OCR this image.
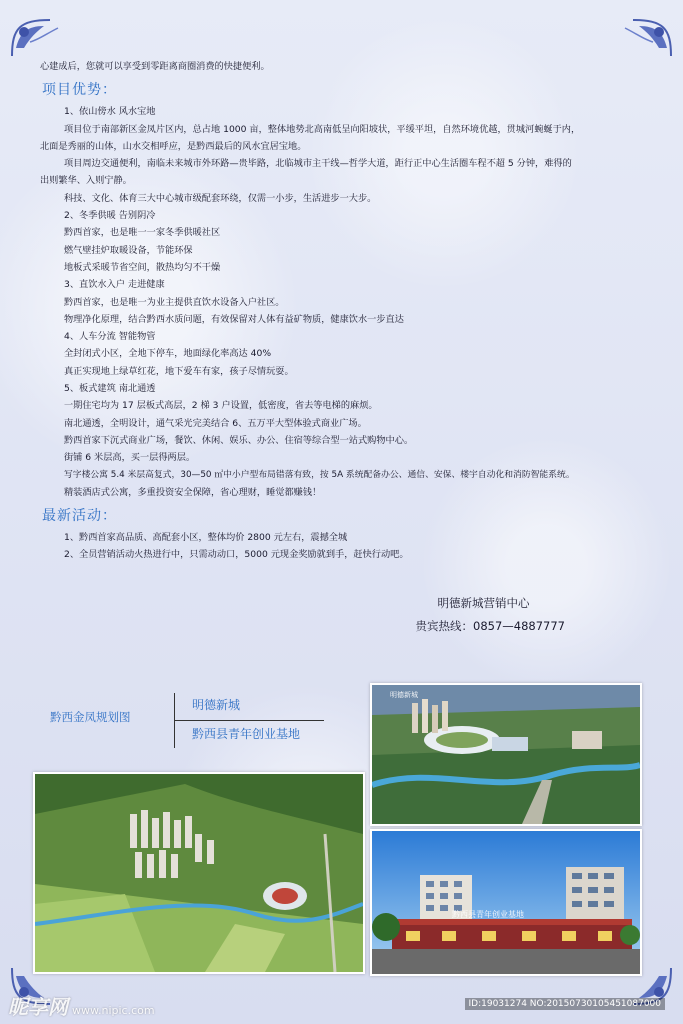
心建成后，您就可以享受到零距离商圈消费的快捷便利。

项目优势：

1、依山傍水 风水宝地

项目位于南部新区金凤片区内，总占地 1000 亩，整体地势北高南低呈向阳坡状，平缓平坦，自然环境优越，贯城河蜿蜒于内，

北面是秀丽的山体，山水交相呼应，是黔西最后的风水宜居宝地。

项目周边交通便利，南临未来城市外环路—贵毕路，北临城市主干线—哲学大道，距行正中心生活圈车程不超 5 分钟，难得的

出则繁华、入则宁静。

科技、文化、体育三大中心城市级配套环绕，仅需一小步，生活进步一大步。

2、冬季供暖 告别阴冷

黔西首家，也是唯一一家冬季供暖社区

燃气壁挂炉取暖设备，节能环保

地板式采暖节省空间，散热均匀不干燥

3、直饮水入户 走进健康

黔西首家，也是唯一为业主提供直饮水设备入户社区。

物理净化原理，结合黔西水质问题，有效保留对人体有益矿物质，健康饮水一步直达

4、人车分流 智能物管

全封闭式小区，全地下停车，地面绿化率高达 40%

真正实现地上绿草红花，地下爱车有家，孩子尽情玩耍。

5、板式建筑 南北通透

一期住宅均为 17 层板式高层，2 梯 3 户设置，低密度，省去等电梯的麻烦。

南北通透，全明设计，通气采光完美结合 6、五万平大型体验式商业广场。

黔西首家下沉式商业广场，餐饮、休闲、娱乐、办公、住宿等综合型一站式购物中心。

街铺 6 米层高，买一层得两层。

写字楼公寓 5.4 米层高复式，30—50 ㎡中小户型布局错落有致，按 5A 系统配备办公、通信、安保、楼宇自动化和消防智能系统。

精装酒店式公寓，多重投资安全保障，省心理财，睡觉都赚钱！

最新活动：

1、黔西首家高品质、高配套小区，整体均价 2800 元左右，震撼全城

2、全员营销活动火热进行中，只需动动口，5000 元现金奖励就到手，赶快行动吧。

明德新城营销中心
贵宾热线：0857—4887777
黔西金凤规划图
明德新城
黔西县青年创业基地
明德新城
黔西县青年创业基地
昵享网 www.nipic.com	ID:19031274 NO:20150730105451087000
